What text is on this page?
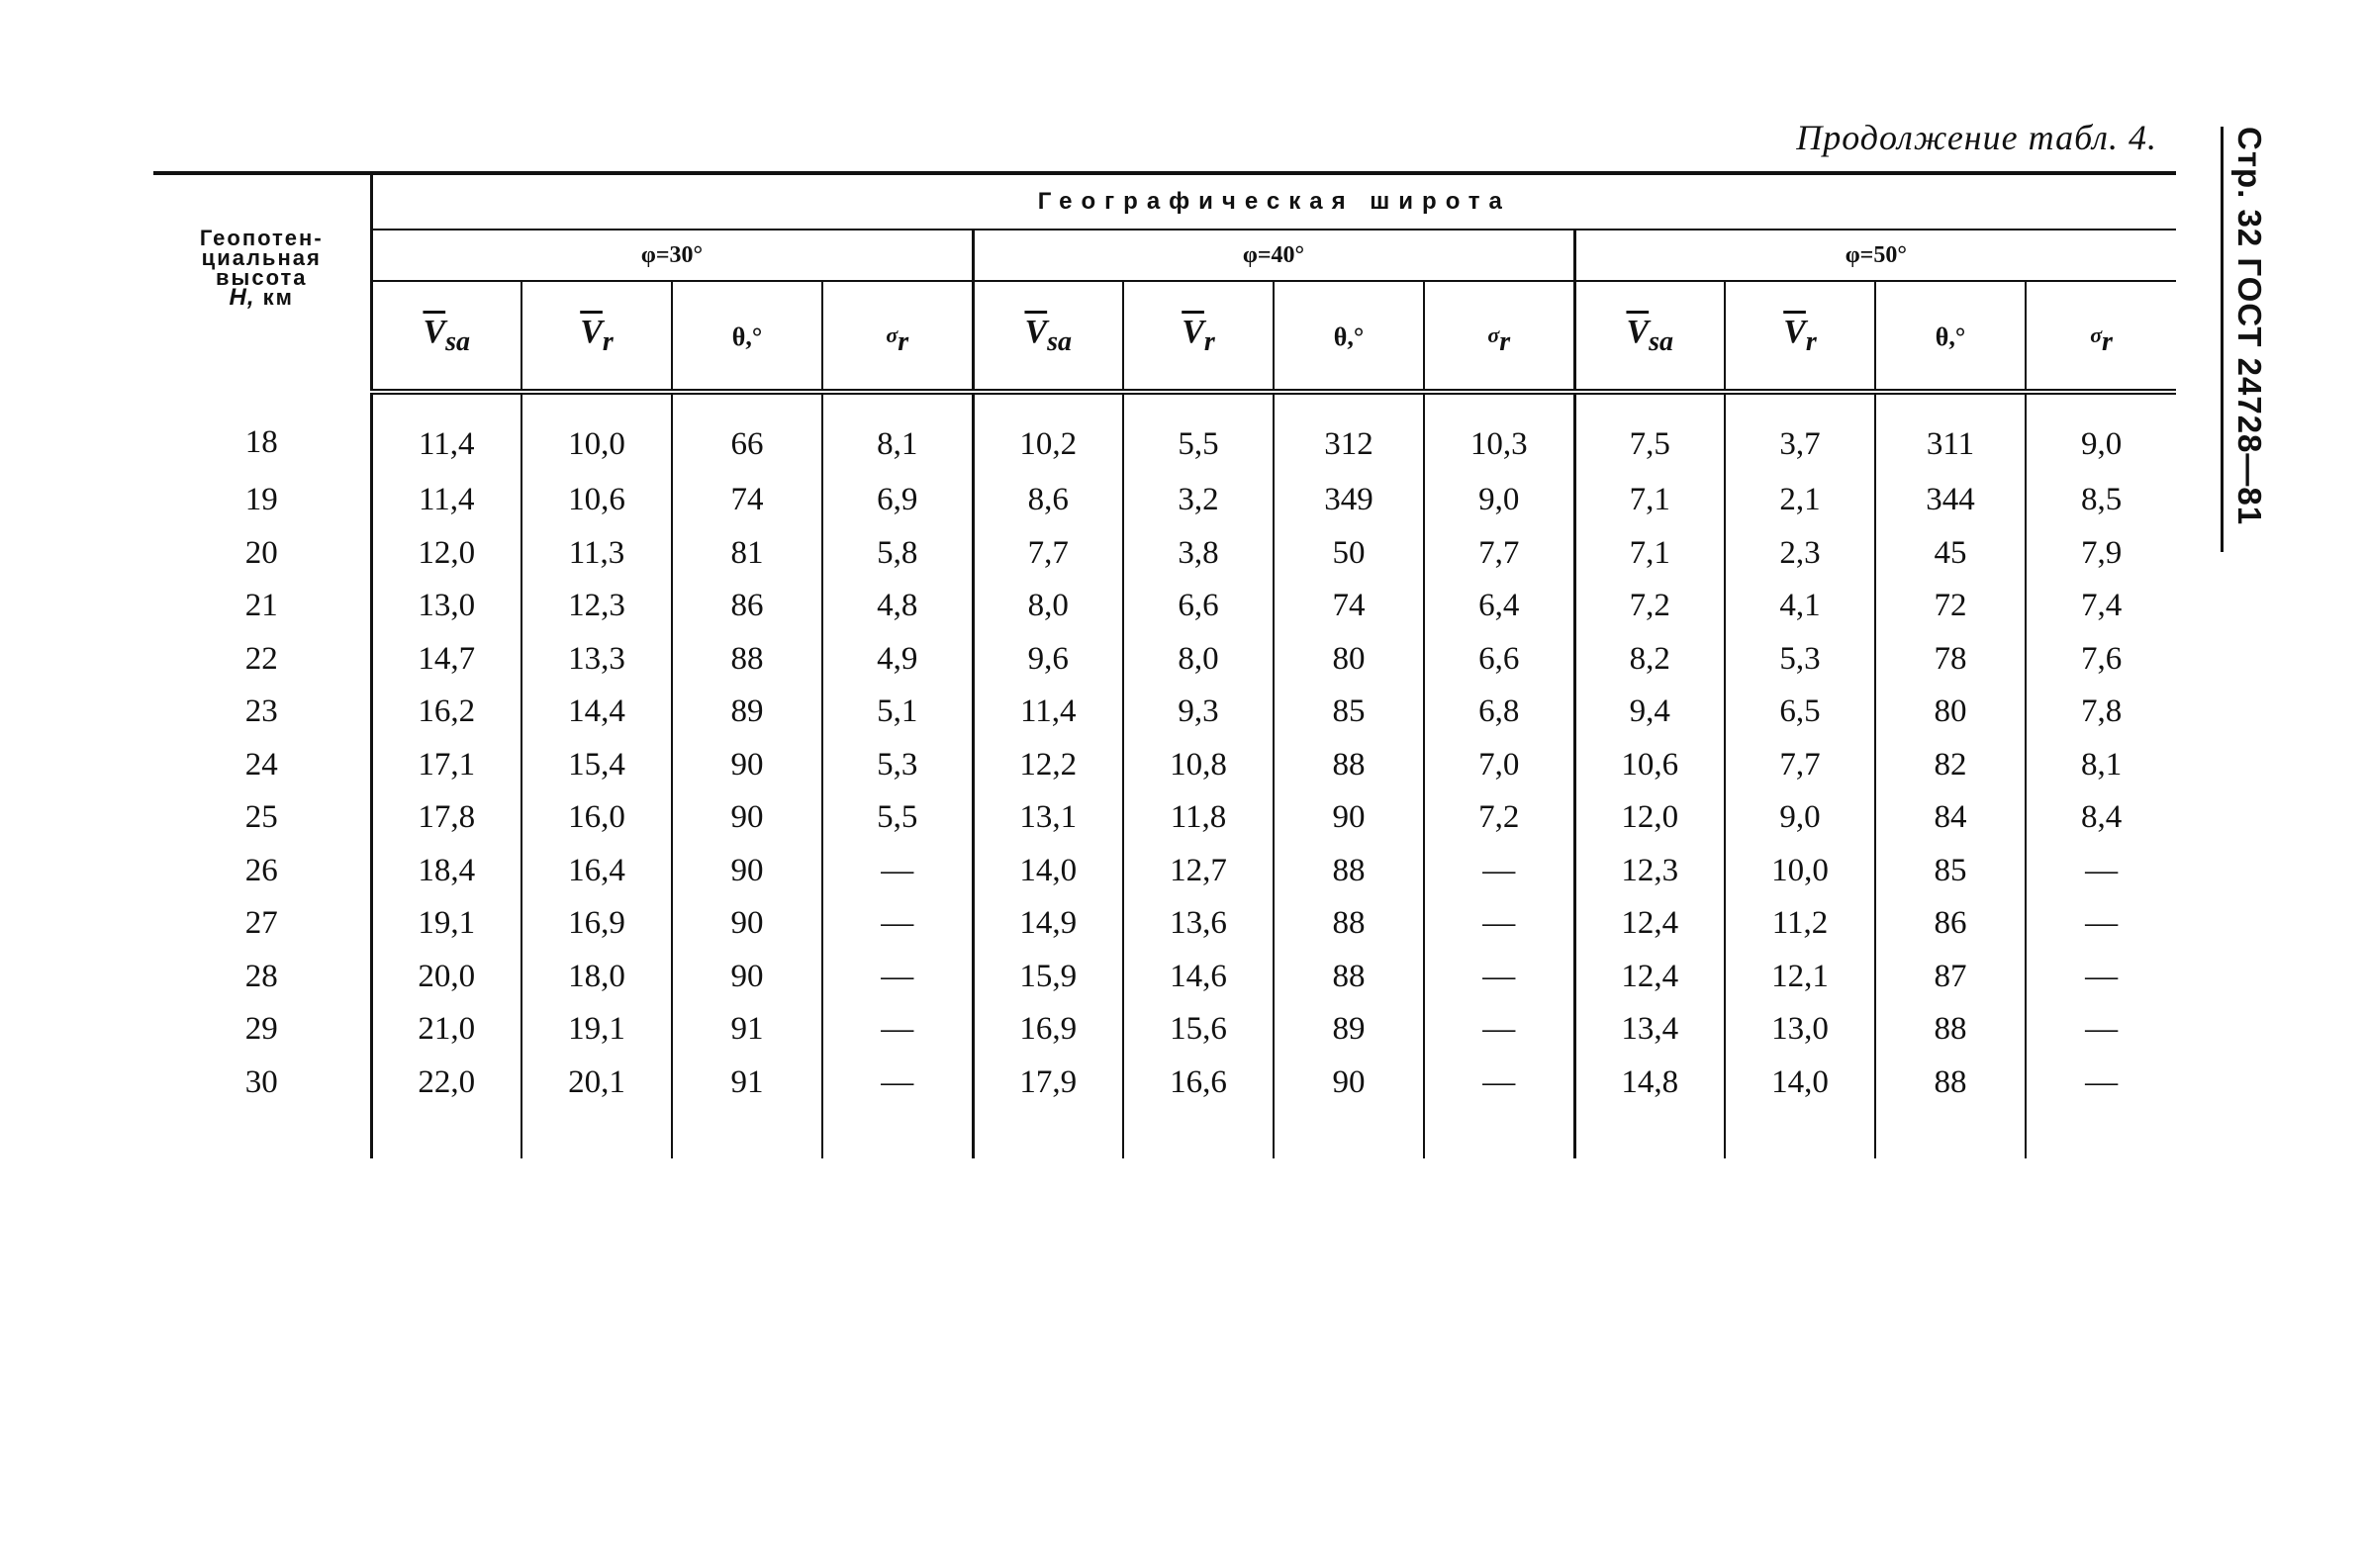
Продолжение табл. 4. Стр. 32 ГОСТ 24728—81
Геопотен-
циальная
высота
H, км	Географическая широта											
	φ=30°				φ=40°				φ=50°			
	$\overline{V}_{sa}$	$\overline{V}_r$	θ,°	$\sigma_r$	$\overline{V}_{sa}$	$\overline{V}_r$	θ,°	$\sigma_r$	$\overline{V}_{sa}$	$\overline{V}_r$	θ,°	$\sigma_r$
18	11,4	10,0	66	8,1	10,2	5,5	312	10,3	7,5	3,7	311	9,0
19	11,4	10,6	74	6,9	8,6	3,2	349	9,0	7,1	2,1	344	8,5
20	12,0	11,3	81	5,8	7,7	3,8	50	7,7	7,1	2,3	45	7,9
21	13,0	12,3	86	4,8	8,0	6,6	74	6,4	7,2	4,1	72	7,4
22	14,7	13,3	88	4,9	9,6	8,0	80	6,6	8,2	5,3	78	7,6
23	16,2	14,4	89	5,1	11,4	9,3	85	6,8	9,4	6,5	80	7,8
24	17,1	15,4	90	5,3	12,2	10,8	88	7,0	10,6	7,7	82	8,1
25	17,8	16,0	90	5,5	13,1	11,8	90	7,2	12,0	9,0	84	8,4
26	18,4	16,4	90	—	14,0	12,7	88	—	12,3	10,0	85	—
27	19,1	16,9	90	—	14,9	13,6	88	—	12,4	11,2	86	—
28	20,0	18,0	90	—	15,9	14,6	88	—	12,4	12,1	87	—
29	21,0	19,1	91	—	16,9	15,6	89	—	13,4	13,0	88	—
30	22,0	20,1	91	—	17,9	16,6	90	—	14,8	14,0	88	—
